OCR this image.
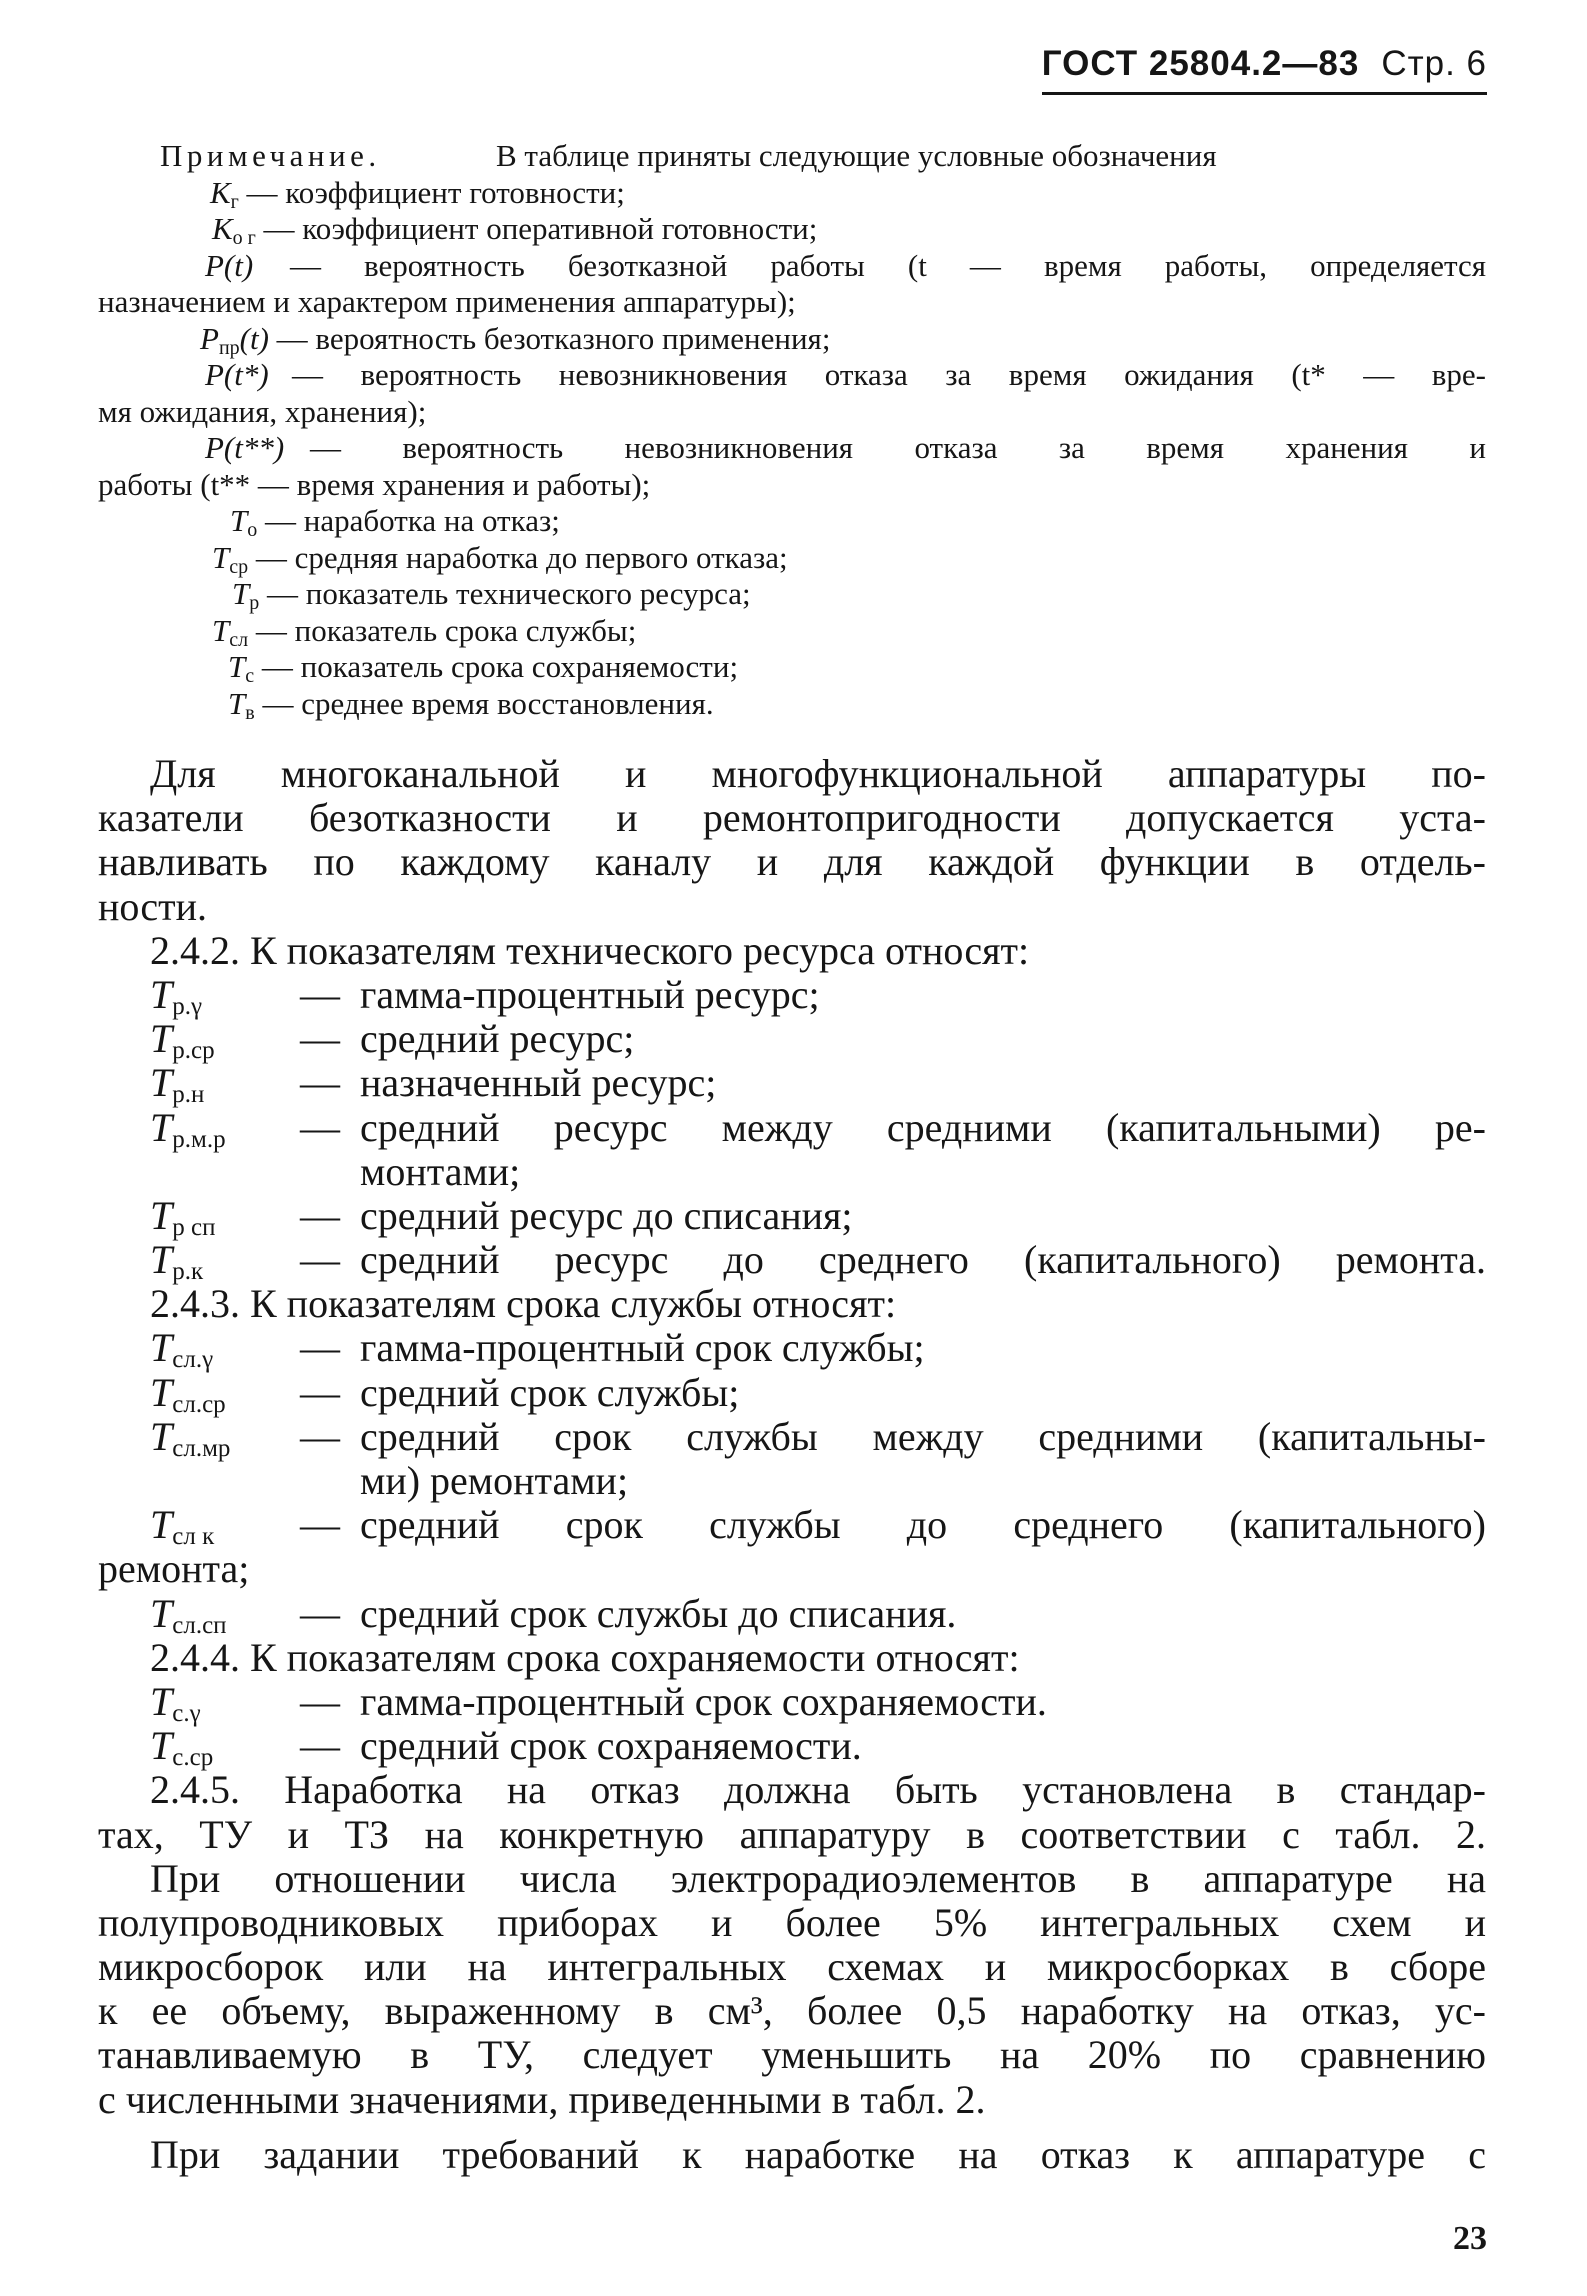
ГОСТ 25804.2—83 Стр. 6
Примечание.	В таблице приняты следующие условные обозначения
$К_г$ — коэффициент готовности;
$К_{о г}$ — коэффициент оперативной готовности;
P(t) — вероятность безотказной работы (t — время работы, определяется
назначением и характером применения аппаратуры);
$P_{пр}(t)$ — вероятность безотказного применения;
P(t*) — вероятность невозникновения отказа за время ожидания (t* — вре-
мя ожидания, хранения);
P(t**) — вероятность невозникновения отказа за время хранения и
работы (t** — время хранения и работы);
$T_о$ — наработка на отказ;
$T_{ср}$ — средняя наработка до первого отказа;
$T_р$ — показатель технического ресурса;
$T_{сл}$ — показатель срока службы;
$T_с$ — показатель срока сохраняемости;
$T_в$ — среднее время восстановления.
Для многоканальной и многофункциональной аппаратуры по-
казатели безотказности и ремонтопригодности допускается уста-
навливать по каждому каналу и для каждой функции в отдель-
ности.
2.4.2. К показателям технического ресурса относят:
$T_{р.\gamma}$ — гамма-процентный ресурс;
$T_{р.ср}$ — средний ресурс;
$T_{р.н}$ — назначенный ресурс;
$T_{р.м.р}$ — средний ресурс между средними (капитальными) ре-
монтами;
$T_{р сп}$ — средний ресурс до списания;
$T_{р.к}$ — средний ресурс до среднего (капитального) ремонта.
2.4.3. К показателям срока службы относят:
$T_{сл.\gamma}$ — гамма-процентный срок службы;
$T_{сл.ср}$ — средний срок службы;
$T_{сл.мр}$ — средний срок службы между средними (капитальны-
ми) ремонтами;
$T_{сл к}$ — средний срок службы до среднего (капитального)
ремонта;
$T_{сл.сп}$ — средний срок службы до списания.
2.4.4. К показателям срока сохраняемости относят:
$T_{с.\gamma}$ — гамма-процентный срок сохраняемости.
$T_{с.ср}$ — средний срок сохраняемости.
2.4.5. Наработка на отказ должна быть установлена в стандар-
тах, ТУ и ТЗ на конкретную аппаратуру в соответствии с табл. 2.
При отношении числа электрорадиоэлементов в аппаратуре на
полупроводниковых приборах и более 5% интегральных схем и
микросборок или на интегральных схемах и микросборках в сборе
к ее объему, выраженному в см³, более 0,5 наработку на отказ, ус-
танавливаемую в ТУ, следует уменьшить на 20% по сравнению
с численными значениями, приведенными в табл. 2.
При задании требований к наработке на отказ к аппаратуре с
23
